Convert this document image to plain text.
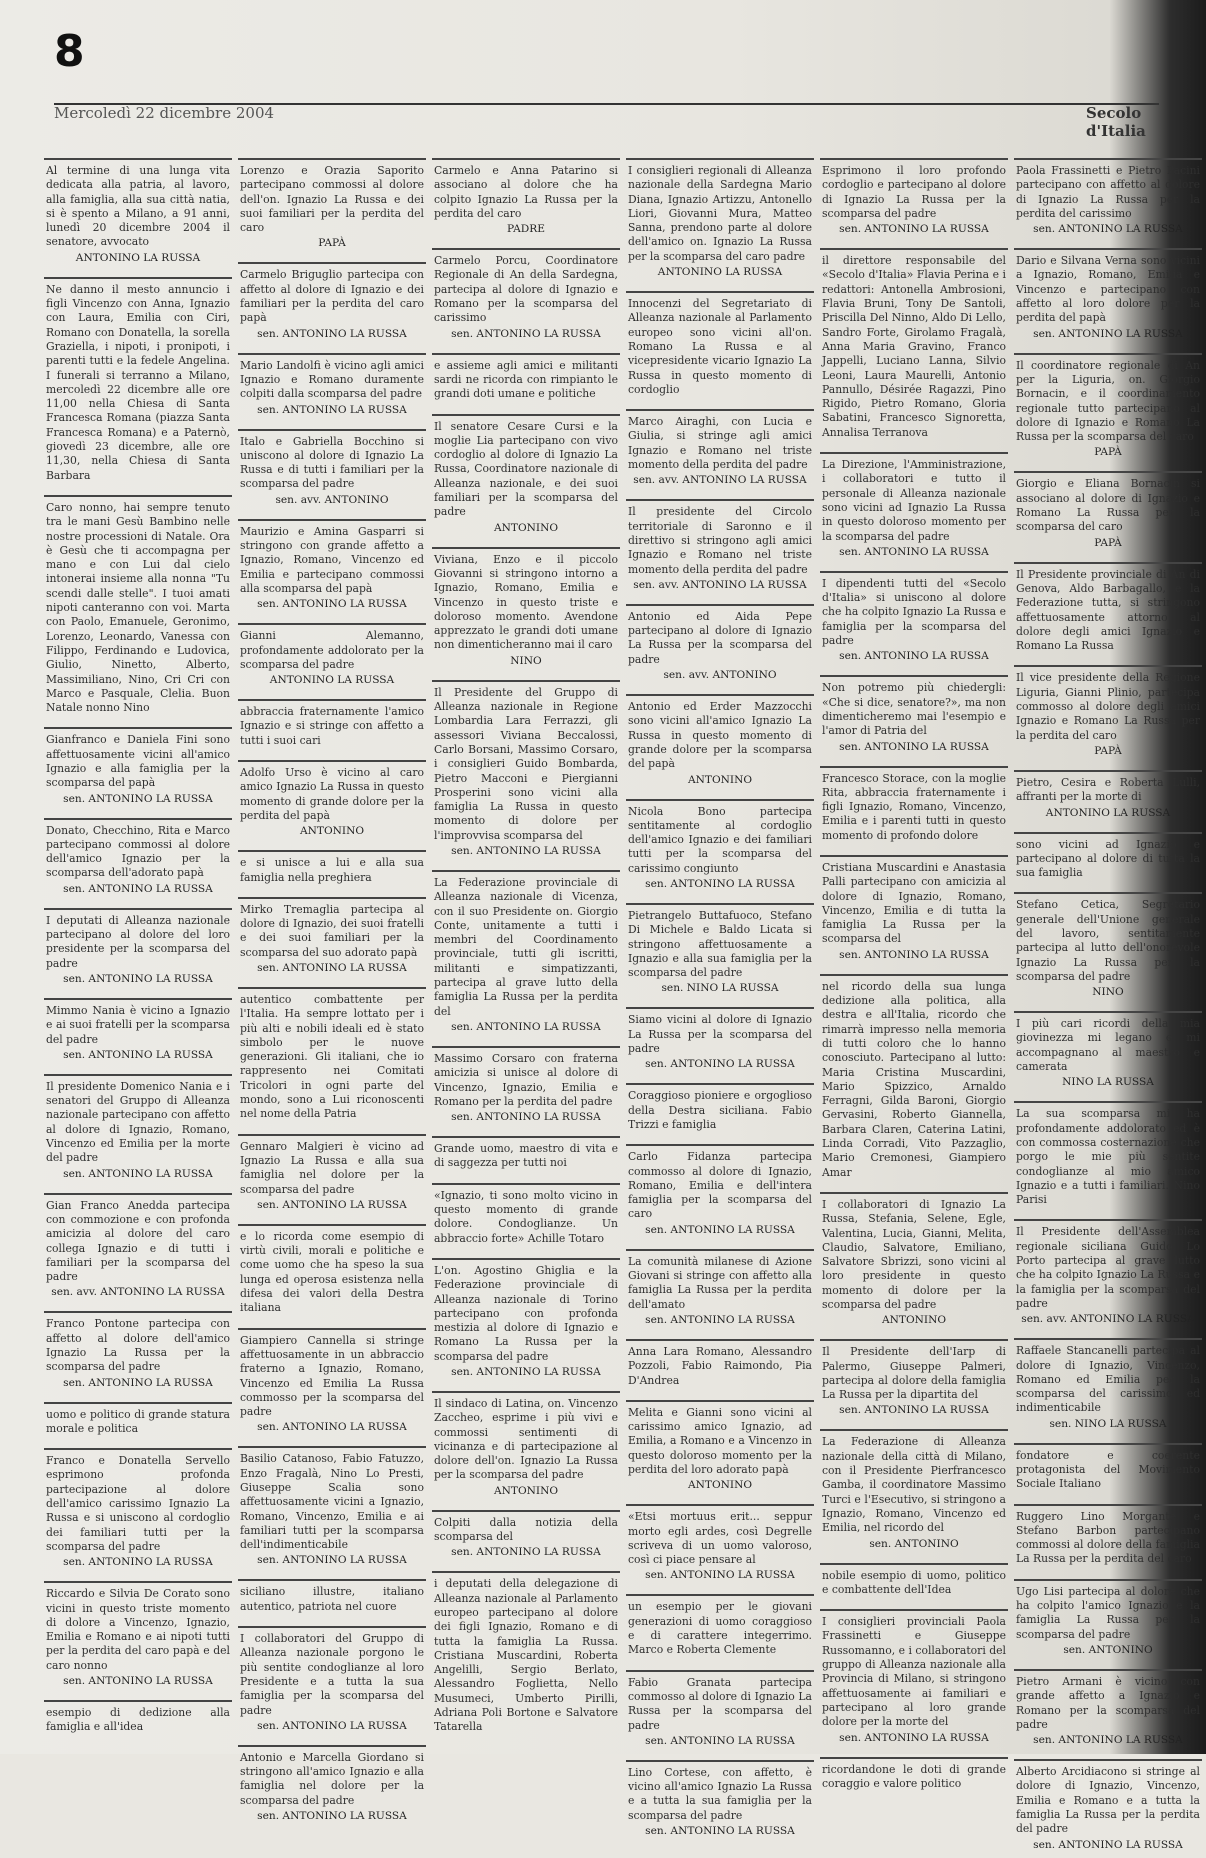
8
Mercoledì 22 dicembre 2004	Secolo d'Italia

Al termine di una lunga vita dedicata alla patria, al lavoro, alla famiglia, alla sua città natia, si è spento a Milano, a 91 anni, lunedì 20 dicembre 2004 il senatore, avvocato

ANTONINO LA RUSSA

Ne danno il mesto annuncio i figli Vincenzo con Anna, Ignazio con Laura, Emilia con Ciri, Romano con Donatella, la sorella Graziella, i nipoti, i pronipoti, i parenti tutti e la fedele Angelina. I funerali si terranno a Milano, mercoledì 22 dicembre alle ore 11,00 nella Chiesa di Santa Francesca Romana (piazza Santa Francesca Romana) e a Paternò, giovedì 23 dicembre, alle ore 11,30, nella Chiesa di Santa Barbara

Caro nonno, hai sempre tenuto tra le mani Gesù Bambino nelle nostre processioni di Natale. Ora è Gesù che ti accompagna per mano e con Lui dal cielo intonerai insieme alla nonna "Tu scendi dalle stelle". I tuoi amati nipoti canteranno con voi. Marta con Paolo, Emanuele, Geronimo, Lorenzo, Leonardo, Vanessa con Filippo, Ferdinando e Ludovica, Giulio, Ninetto, Alberto, Massimiliano, Nino, Cri Cri con Marco e Pasquale, Clelia. Buon Natale nonno Nino

Gianfranco e Daniela Fini sono affettuosamente vicini all'amico Ignazio e alla famiglia per la scomparsa del papà

sen. ANTONINO LA RUSSA

Donato, Checchino, Rita e Marco partecipano commossi al dolore dell'amico Ignazio per la scomparsa dell'adorato papà

sen. ANTONINO LA RUSSA

I deputati di Alleanza nazionale partecipano al dolore del loro presidente per la scomparsa del padre

sen. ANTONINO LA RUSSA

Mimmo Nania è vicino a Ignazio e ai suoi fratelli per la scomparsa del padre

sen. ANTONINO LA RUSSA

Il presidente Domenico Nania e i senatori del Gruppo di Alleanza nazionale partecipano con affetto al dolore di Ignazio, Romano, Vincenzo ed Emilia per la morte del padre

sen. ANTONINO LA RUSSA

Gian Franco Anedda partecipa con commozione e con profonda amicizia al dolore del caro collega Ignazio e di tutti i familiari per la scomparsa del padre

sen. avv. ANTONINO LA RUSSA

Franco Pontone partecipa con affetto al dolore dell'amico Ignazio La Russa per la scomparsa del padre

sen. ANTONINO LA RUSSA

uomo e politico di grande statura morale e politica

Franco e Donatella Servello esprimono profonda partecipazione al dolore dell'amico carissimo Ignazio La Russa e si uniscono al cordoglio dei familiari tutti per la scomparsa del padre

sen. ANTONINO LA RUSSA

Riccardo e Silvia De Corato sono vicini in questo triste momento di dolore a Vincenzo, Ignazio, Emilia e Romano e ai nipoti tutti per la perdita del caro papà e del caro nonno

sen. ANTONINO LA RUSSA

esempio di dedizione alla famiglia e all'idea

Lorenzo e Orazia Saporito partecipano commossi al dolore dell'on. Ignazio La Russa e dei suoi familiari per la perdita del caro

PAPÀ

Carmelo Briguglio partecipa con affetto al dolore di Ignazio e dei familiari per la perdita del caro papà

sen. ANTONINO LA RUSSA

Mario Landolfi è vicino agli amici Ignazio e Romano duramente colpiti dalla scomparsa del padre

sen. ANTONINO LA RUSSA

Italo e Gabriella Bocchino si uniscono al dolore di Ignazio La Russa e di tutti i familiari per la scomparsa del padre

sen. avv. ANTONINO

Maurizio e Amina Gasparri si stringono con grande affetto a Ignazio, Romano, Vincenzo ed Emilia e partecipano commossi alla scomparsa del papà

sen. ANTONINO LA RUSSA

Gianni Alemanno, profondamente addolorato per la scomparsa del padre

ANTONINO LA RUSSA

abbraccia fraternamente l'amico Ignazio e si stringe con affetto a tutti i suoi cari

Adolfo Urso è vicino al caro amico Ignazio La Russa in questo momento di grande dolore per la perdita del papà

ANTONINO

e si unisce a lui e alla sua famiglia nella preghiera

Mirko Tremaglia partecipa al dolore di Ignazio, dei suoi fratelli e dei suoi familiari per la scomparsa del suo adorato papà

sen. ANTONINO LA RUSSA

autentico combattente per l'Italia. Ha sempre lottato per i più alti e nobili ideali ed è stato simbolo per le nuove generazioni. Gli italiani, che io rappresento nei Comitati Tricolori in ogni parte del mondo, sono a Lui riconoscenti nel nome della Patria

Gennaro Malgieri è vicino ad Ignazio La Russa e alla sua famiglia nel dolore per la scomparsa del padre

sen. ANTONINO LA RUSSA

e lo ricorda come esempio di virtù civili, morali e politiche e come uomo che ha speso la sua lunga ed operosa esistenza nella difesa dei valori della Destra italiana

Giampiero Cannella si stringe affettuosamente in un abbraccio fraterno a Ignazio, Romano, Vincenzo ed Emilia La Russa commosso per la scomparsa del padre

sen. ANTONINO LA RUSSA

Basilio Catanoso, Fabio Fatuzzo, Enzo Fragalà, Nino Lo Presti, Giuseppe Scalia sono affettuosamente vicini a Ignazio, Romano, Vincenzo, Emilia e ai familiari tutti per la scomparsa dell'indimenticabile

sen. ANTONINO LA RUSSA

siciliano illustre, italiano autentico, patriota nel cuore

I collaboratori del Gruppo di Alleanza nazionale porgono le più sentite condoglianze al loro Presidente e a tutta la sua famiglia per la scomparsa del padre

sen. ANTONINO LA RUSSA

Antonio e Marcella Giordano si stringono all'amico Ignazio e alla famiglia nel dolore per la scomparsa del padre

sen. ANTONINO LA RUSSA

Carmelo e Anna Patarino si associano al dolore che ha colpito Ignazio La Russa per la perdita del caro

PADRE

Carmelo Porcu, Coordinatore Regionale di An della Sardegna, partecipa al dolore di Ignazio e Romano per la scomparsa del carissimo

sen. ANTONINO LA RUSSA

e assieme agli amici e militanti sardi ne ricorda con rimpianto le grandi doti umane e politiche

Il senatore Cesare Cursi e la moglie Lia partecipano con vivo cordoglio al dolore di Ignazio La Russa, Coordinatore nazionale di Alleanza nazionale, e dei suoi familiari per la scomparsa del padre

ANTONINO

Viviana, Enzo e il piccolo Giovanni si stringono intorno a Ignazio, Romano, Emilia e Vincenzo in questo triste e doloroso momento. Avendone apprezzato le grandi doti umane non dimenticheranno mai il caro

NINO

Il Presidente del Gruppo di Alleanza nazionale in Regione Lombardia Lara Ferrazzi, gli assessori Viviana Beccalossi, Carlo Borsani, Massimo Corsaro, i consiglieri Guido Bombarda, Pietro Macconi e Piergianni Prosperini sono vicini alla famiglia La Russa in questo momento di dolore per l'improvvisa scomparsa del

sen. ANTONINO LA RUSSA

La Federazione provinciale di Alleanza nazionale di Vicenza, con il suo Presidente on. Giorgio Conte, unitamente a tutti i membri del Coordinamento provinciale, tutti gli iscritti, militanti e simpatizzanti, partecipa al grave lutto della famiglia La Russa per la perdita del

sen. ANTONINO LA RUSSA

Massimo Corsaro con fraterna amicizia si unisce al dolore di Vincenzo, Ignazio, Emilia e Romano per la perdita del padre

sen. ANTONINO LA RUSSA

Grande uomo, maestro di vita e di saggezza per tutti noi

«Ignazio, ti sono molto vicino in questo momento di grande dolore. Condoglianze. Un abbraccio forte» Achille Totaro

L'on. Agostino Ghiglia e la Federazione provinciale di Alleanza nazionale di Torino partecipano con profonda mestizia al dolore di Ignazio e Romano La Russa per la scomparsa del padre

sen. ANTONINO LA RUSSA

Il sindaco di Latina, on. Vincenzo Zaccheo, esprime i più vivi e commossi sentimenti di vicinanza e di partecipazione al dolore dell'on. Ignazio La Russa per la scomparsa del padre

ANTONINO

Colpiti dalla notizia della scomparsa del

sen. ANTONINO LA RUSSA

i deputati della delegazione di Alleanza nazionale al Parlamento europeo partecipano al dolore dei figli Ignazio, Romano e di tutta la famiglia La Russa. Cristiana Muscardini, Roberta Angelilli, Sergio Berlato, Alessandro Foglietta, Nello Musumeci, Umberto Pirilli, Adriana Poli Bortone e Salvatore Tatarella

I consiglieri regionali di Alleanza nazionale della Sardegna Mario Diana, Ignazio Artizzu, Antonello Liori, Giovanni Mura, Matteo Sanna, prendono parte al dolore dell'amico on. Ignazio La Russa per la scomparsa del caro padre

ANTONINO LA RUSSA

Innocenzi del Segretariato di Alleanza nazionale al Parlamento europeo sono vicini all'on. Romano La Russa e al vicepresidente vicario Ignazio La Russa in questo momento di cordoglio

Marco Airaghi, con Lucia e Giulia, si stringe agli amici Ignazio e Romano nel triste momento della perdita del padre

sen. avv. ANTONINO LA RUSSA

Il presidente del Circolo territoriale di Saronno e il direttivo si stringono agli amici Ignazio e Romano nel triste momento della perdita del padre

sen. avv. ANTONINO LA RUSSA

Antonio ed Aida Pepe partecipano al dolore di Ignazio La Russa per la scomparsa del padre

sen. avv. ANTONINO

Antonio ed Erder Mazzocchi sono vicini all'amico Ignazio La Russa in questo momento di grande dolore per la scomparsa del papà

ANTONINO

Nicola Bono partecipa sentitamente al cordoglio dell'amico Ignazio e dei familiari tutti per la scomparsa del carissimo congiunto

sen. ANTONINO LA RUSSA

Pietrangelo Buttafuoco, Stefano Di Michele e Baldo Licata si stringono affettuosamente a Ignazio e alla sua famiglia per la scomparsa del padre

sen. NINO LA RUSSA

Siamo vicini al dolore di Ignazio La Russa per la scomparsa del padre

sen. ANTONINO LA RUSSA

Coraggioso pioniere e orgoglioso della Destra siciliana. Fabio Trizzi e famiglia

Carlo Fidanza partecipa commosso al dolore di Ignazio, Romano, Emilia e dell'intera famiglia per la scomparsa del caro

sen. ANTONINO LA RUSSA

La comunità milanese di Azione Giovani si stringe con affetto alla famiglia La Russa per la perdita dell'amato

sen. ANTONINO LA RUSSA

Anna Lara Romano, Alessandro Pozzoli, Fabio Raimondo, Pia D'Andrea

Melita e Gianni sono vicini al carissimo amico Ignazio, ad Emilia, a Romano e a Vincenzo in questo doloroso momento per la perdita del loro adorato papà

ANTONINO

«Etsi mortuus erit... seppur morto egli ardes, così Degrelle scriveva di un uomo valoroso, così ci piace pensare al

sen. ANTONINO LA RUSSA

un esempio per le giovani generazioni di uomo coraggioso e di carattere integerrimo. Marco e Roberta Clemente

Fabio Granata partecipa commosso al dolore di Ignazio La Russa per la scomparsa del padre

sen. ANTONINO LA RUSSA

Lino Cortese, con affetto, è vicino all'amico Ignazio La Russa e a tutta la sua famiglia per la scomparsa del padre

sen. ANTONINO LA RUSSA

Esprimono il loro profondo cordoglio e partecipano al dolore di Ignazio La Russa per la scomparsa del padre

sen. ANTONINO LA RUSSA

il direttore responsabile del «Secolo d'Italia» Flavia Perina e i redattori: Antonella Ambrosioni, Flavia Bruni, Tony De Santoli, Priscilla Del Ninno, Aldo Di Lello, Sandro Forte, Girolamo Fragalà, Anna Maria Gravino, Franco Jappelli, Luciano Lanna, Silvio Leoni, Laura Maurelli, Antonio Pannullo, Désirée Ragazzi, Pino Rigido, Pietro Romano, Gloria Sabatini, Francesco Signoretta, Annalisa Terranova

La Direzione, l'Amministrazione, i collaboratori e tutto il personale di Alleanza nazionale sono vicini ad Ignazio La Russa in questo doloroso momento per la scomparsa del padre

sen. ANTONINO LA RUSSA

I dipendenti tutti del «Secolo d'Italia» si uniscono al dolore che ha colpito Ignazio La Russa e famiglia per la scomparsa del padre

sen. ANTONINO LA RUSSA

Non potremo più chiedergli: «Che si dice, senatore?», ma non dimenticheremo mai l'esempio e l'amor di Patria del

sen. ANTONINO LA RUSSA

Francesco Storace, con la moglie Rita, abbraccia fraternamente i figli Ignazio, Romano, Vincenzo, Emilia e i parenti tutti in questo momento di profondo dolore

Cristiana Muscardini e Anastasia Palli partecipano con amicizia al dolore di Ignazio, Romano, Vincenzo, Emilia e di tutta la famiglia La Russa per la scomparsa del

sen. ANTONINO LA RUSSA

nel ricordo della sua lunga dedizione alla politica, alla destra e all'Italia, ricordo che rimarrà impresso nella memoria di tutti coloro che lo hanno conosciuto. Partecipano al lutto: Maria Cristina Muscardini, Mario Spizzico, Arnaldo Ferragni, Gilda Baroni, Giorgio Gervasini, Roberto Giannella, Barbara Claren, Caterina Latini, Linda Corradi, Vito Pazzaglio, Mario Cremonesi, Giampiero Amar

I collaboratori di Ignazio La Russa, Stefania, Selene, Egle, Valentina, Lucia, Gianni, Melita, Claudio, Salvatore, Emiliano, Salvatore Sbrizzi, sono vicini al loro presidente in questo momento di dolore per la scomparsa del padre

ANTONINO

Il Presidente dell'Iarp di Palermo, Giuseppe Palmeri, partecipa al dolore della famiglia La Russa per la dipartita del

sen. ANTONINO LA RUSSA

La Federazione di Alleanza nazionale della città di Milano, con il Presidente Pierfrancesco Gamba, il coordinatore Massimo Turci e l'Esecutivo, si stringono a Ignazio, Romano, Vincenzo ed Emilia, nel ricordo del

sen. ANTONINO

nobile esempio di uomo, politico e combattente dell'Idea

I consiglieri provinciali Paola Frassinetti e Giuseppe Russomanno, e i collaboratori del gruppo di Alleanza nazionale alla Provincia di Milano, si stringono affettuosamente ai familiari e partecipano al loro grande dolore per la morte del

sen. ANTONINO LA RUSSA

ricordandone le doti di grande coraggio e valore politico

Paola Frassinetti e Pietro Pacini partecipano con affetto al dolore di Ignazio La Russa per la perdita del carissimo

sen. ANTONINO LA RUSSA

Dario e Silvana Verna sono vicini a Ignazio, Romano, Emilia e Vincenzo e partecipano con affetto al loro dolore per la perdita del papà

sen. ANTONINO LA RUSSA

Il coordinatore regionale di An per la Liguria, on. Giorgio Bornacin, e il coordinamento regionale tutto partecipano al dolore di Ignazio e Romano La Russa per la scomparsa del caro

PAPÀ

Giorgio e Eliana Bornacin si associano al dolore di Ignazio e Romano La Russa per la scomparsa del caro

PAPÀ

Il Presidente provinciale di An di Genova, Aldo Barbagallo, e la Federazione tutta, si stringono affettuosamente attorno al dolore degli amici Ignazio e Romano La Russa

Il vice presidente della Regione Liguria, Gianni Plinio, partecipa commosso al dolore degli amici Ignazio e Romano La Russa per la perdita del caro

PAPÀ

Pietro, Cesira e Roberta Lulli, affranti per la morte di

ANTONINO LA RUSSA

sono vicini ad Ignazio e partecipano al dolore di tutta la sua famiglia

Stefano Cetica, Segretario generale dell'Unione generale del lavoro, sentitamente partecipa al lutto dell'onorevole Ignazio La Russa per la scomparsa del padre

NINO

I più cari ricordi della mia giovinezza mi legano e mi accompagnano al maestro e camerata

NINO LA RUSSA

La sua scomparsa mi ha profondamente addolorato ed è con commossa costernazione che porgo le mie più sentite condoglianze al mio amico Ignazio e a tutti i familiari. Nino Parisi

Il Presidente dell'Assemblea regionale siciliana Guido Lo Porto partecipa al grave lutto che ha colpito Ignazio La Russa e la famiglia per la scomparsa del padre

sen. avv. ANTONINO LA RUSSA

Raffaele Stancanelli partecipa al dolore di Ignazio, Vincenzo, Romano ed Emilia per la scomparsa del carissimo ed indimenticabile

sen. NINO LA RUSSA

fondatore e coerente protagonista del Movimento Sociale Italiano

Ruggero Lino Morgante e Stefano Barbon partecipano commossi al dolore della famiglia La Russa per la perdita del caro

Ugo Lisi partecipa al dolore che ha colpito l'amico Ignazio e la famiglia La Russa per la scomparsa del padre

sen. ANTONINO

Pietro Armani è vicino con grande affetto a Ignazio e Romano per la scomparsa del padre

sen. ANTONINO LA RUSSA

Alberto Arcidiacono si stringe al dolore di Ignazio, Vincenzo, Emilia e Romano e a tutta la famiglia La Russa per la perdita del padre

sen. ANTONINO LA RUSSA
